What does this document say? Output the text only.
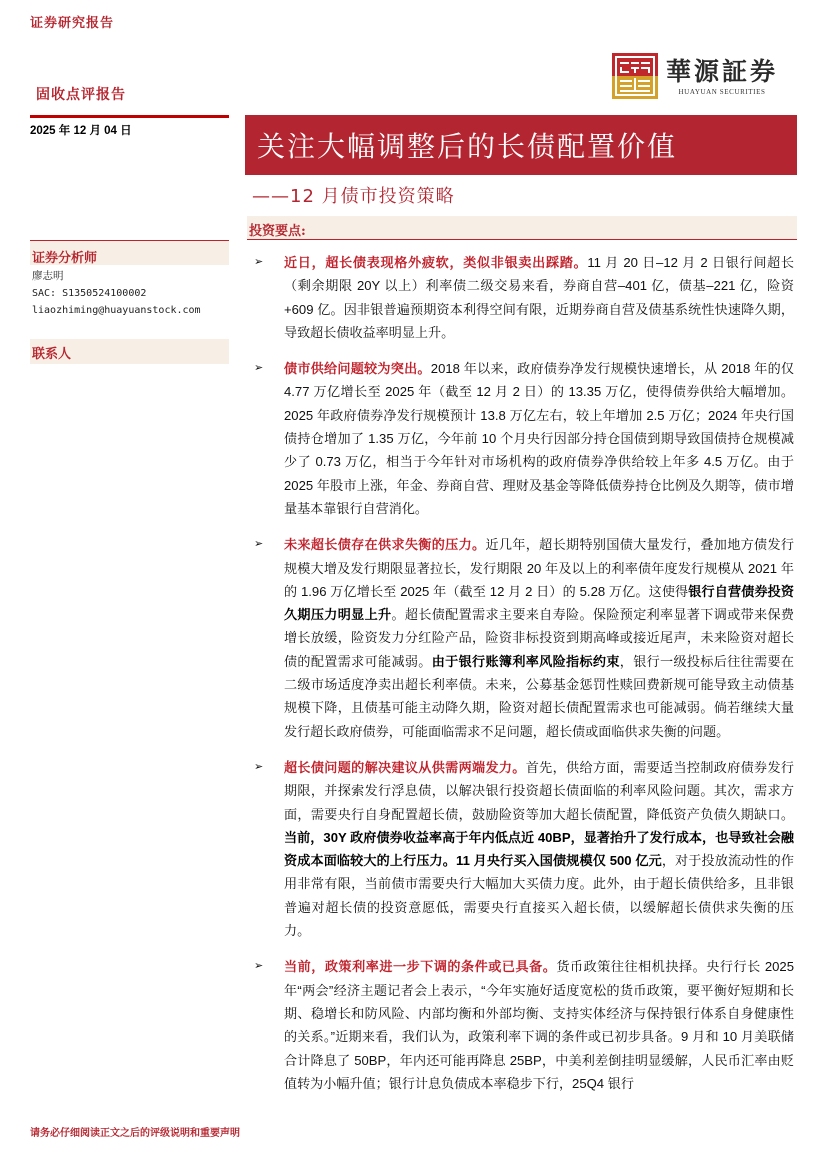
证券研究报告
固收点评报告
2025 年 12 月 04 日
華源証券
HUAYUAN SECURITIES
关注大幅调整后的长债配置价值
——12 月债市投资策略
投资要点:
证券分析师
廖志明
SAC: S1350524100002
liaozhiming@huayuanstock.com
联系人
➢ 近日，超长债表现格外疲软，类似非银卖出踩踏。11 月 20 日–12 月 2 日银行间超长（剩余期限 20Y 以上）利率债二级交易来看，券商自营–401 亿，债基–221 亿，险资+609 亿。因非银普遍预期资本利得空间有限，近期券商自营及债基系统性快速降久期，导致超长债收益率明显上升。
➢ 债市供给问题较为突出。2018 年以来，政府债券净发行规模快速增长，从 2018 年的仅 4.77 万亿增长至 2025 年（截至 12 月 2 日）的 13.35 万亿，使得债券供给大幅增加。2025 年政府债券净发行规模预计 13.8 万亿左右，较上年增加 2.5 万亿；2024 年央行国债持仓增加了 1.35 万亿，今年前 10 个月央行因部分持仓国债到期导致国债持仓规模减少了 0.73 万亿，相当于今年针对市场机构的政府债券净供给较上年多 4.5 万亿。由于 2025 年股市上涨，年金、券商自营、理财及基金等降低债券持仓比例及久期等，债市增量基本靠银行自营消化。
➢ 未来超长债存在供求失衡的压力。近几年，超长期特别国债大量发行，叠加地方债发行规模大增及发行期限显著拉长，发行期限 20 年及以上的利率债年度发行规模从 2021 年的 1.96 万亿增长至 2025 年（截至 12 月 2 日）的 5.28 万亿。这使得银行自营债券投资久期压力明显上升。超长债配置需求主要来自寿险。保险预定利率显著下调或带来保费增长放缓，险资发力分红险产品，险资非标投资到期高峰或接近尾声，未来险资对超长债的配置需求可能减弱。由于银行账簿利率风险指标约束，银行一级投标后往往需要在二级市场适度净卖出超长利率债。未来，公募基金惩罚性赎回费新规可能导致主动债基规模下降，且债基可能主动降久期，险资对超长债配置需求也可能减弱。倘若继续大量发行超长政府债券，可能面临需求不足问题，超长债或面临供求失衡的问题。
➢ 超长债问题的解决建议从供需两端发力。首先，供给方面，需要适当控制政府债券发行期限，并探索发行浮息债，以解决银行投资超长债面临的利率风险问题。其次，需求方面，需要央行自身配置超长债，鼓励险资等加大超长债配置，降低资产负债久期缺口。当前，30Y 政府债券收益率高于年内低点近 40BP，显著抬升了发行成本，也导致社会融资成本面临较大的上行压力。11 月央行买入国债规模仅 500 亿元，对于投放流动性的作用非常有限，当前债市需要央行大幅加大买债力度。此外，由于超长债供给多，且非银普遍对超长债的投资意愿低，需要央行直接买入超长债，以缓解超长债供求失衡的压力。
➢ 当前，政策利率进一步下调的条件或已具备。货币政策往往相机抉择。央行行长 2025 年“两会”经济主题记者会上表示，“今年实施好适度宽松的货币政策，要平衡好短期和长期、稳增长和防风险、内部均衡和外部均衡、支持实体经济与保持银行体系自身健康性的关系。”近期来看，我们认为，政策利率下调的条件或已初步具备。9 月和 10 月美联储合计降息了 50BP，年内还可能再降息 25BP，中美利差倒挂明显缓解，人民币汇率由贬值转为小幅升值；银行计息负债成本率稳步下行，25Q4 银行
请务必仔细阅读正文之后的评级说明和重要声明
